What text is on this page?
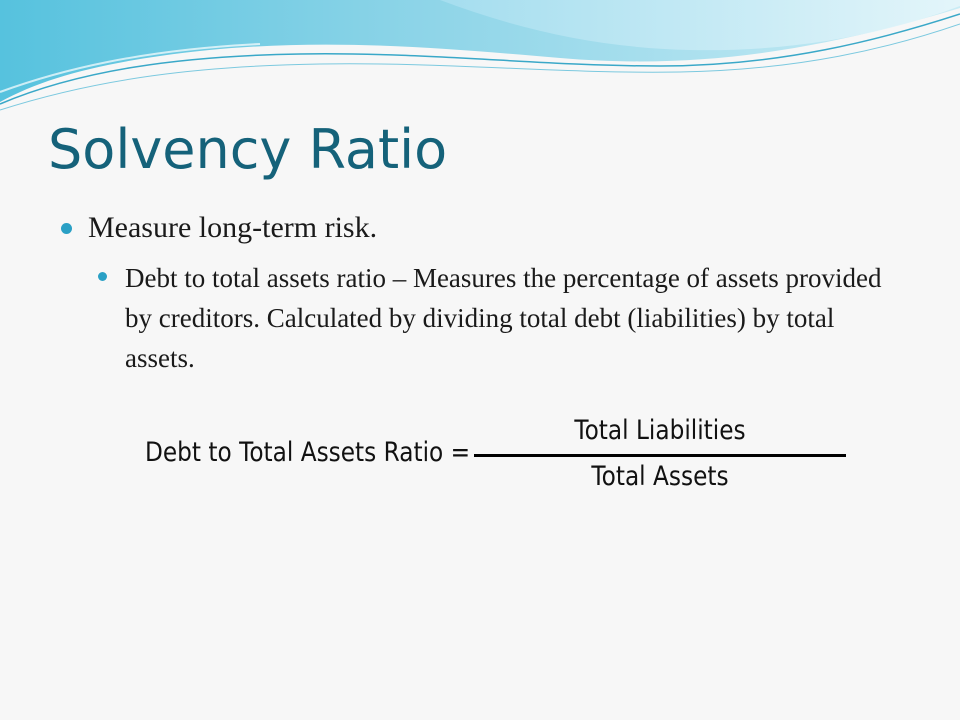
Solvency Ratio
Measure long-term risk.
Debt to total assets ratio – Measures the percentage of assets provided by creditors. Calculated by dividing total debt (liabilities) by total assets.
Debt to Total Assets Ratio =
Total Liabilities
Total Assets
